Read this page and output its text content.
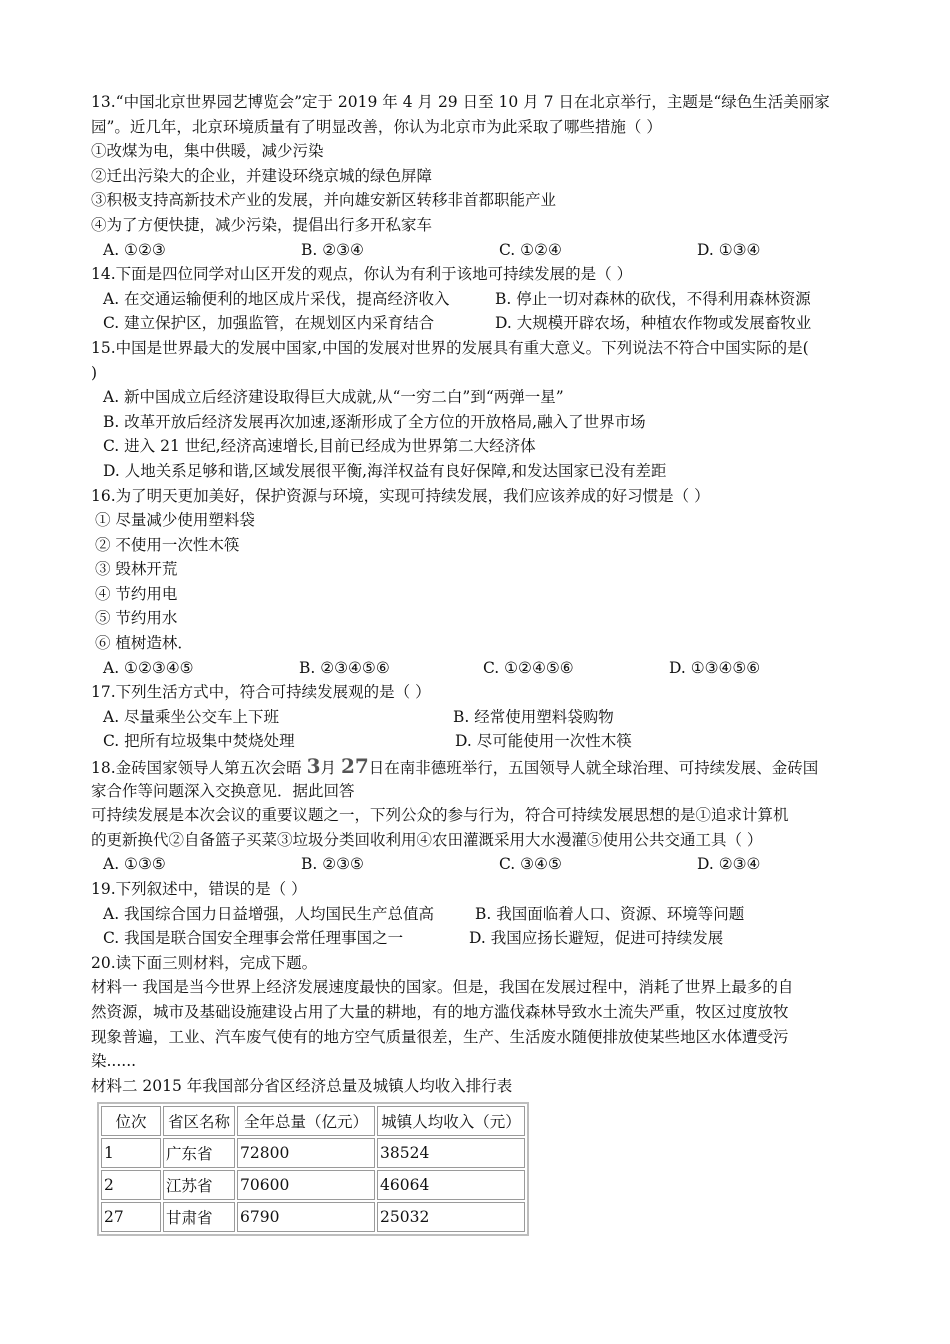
13.“中国北京世界园艺博览会”定于 2019 年 4 月 29 日至 10 月 7 日在北京举行，主题是“绿色生活美丽家
园”。近几年，北京环境质量有了明显改善，你认为北京市为此采取了哪些措施（ ）
①改煤为电，集中供暖，减少污染
②迁出污染大的企业，并建设环绕京城的绿色屏障
③积极支持高新技术产业的发展，并向雄安新区转移非首都职能产业
④为了方便快捷，减少污染，提倡出行多开私家车
A. ①②③	B. ②③④	C. ①②④	D. ①③④
14.下面是四位同学对山区开发的观点，你认为有利于该地可持续发展的是（ ）
A. 在交通运输便利的地区成片采伐，提高经济收入	B. 停止一切对森林的砍伐，不得利用森林资源
C. 建立保护区，加强监管，在规划区内采育结合	D. 大规模开辟农场，种植农作物或发展畜牧业
15.中国是世界最大的发展中国家,中国的发展对世界的发展具有重大意义。下列说法不符合中国实际的是(
)
A. 新中国成立后经济建设取得巨大成就,从“一穷二白”到“两弹一星”
B. 改革开放后经济发展再次加速,逐渐形成了全方位的开放格局,融入了世界市场
C. 进入 21 世纪,经济高速增长,目前已经成为世界第二大经济体
D. 人地关系足够和谐,区域发展很平衡,海洋权益有良好保障,和发达国家已没有差距
16.为了明天更加美好，保护资源与环境，实现可持续发展，我们应该养成的好习惯是（ ）
① 尽量减少使用塑料袋
② 不使用一次性木筷
③ 毁林开荒
④ 节约用电
⑤ 节约用水
⑥ 植树造林．
A. ①②③④⑤	B. ②③④⑤⑥	C. ①②④⑤⑥	D. ①③④⑤⑥
17.下列生活方式中，符合可持续发展观的是（ ）
A. 尽量乘坐公交车上下班	B. 经常使用塑料袋购物
C. 把所有垃圾集中焚烧处理	D. 尽可能使用一次性木筷
18.金砖国家领导人第五次会晤 3月 27日在南非德班举行，五国领导人就全球治理、可持续发展、金砖国
家合作等问题深入交换意见．据此回答
可持续发展是本次会议的重要议题之一，下列公众的参与行为，符合可持续发展思想的是①追求计算机
的更新换代②自备篮子买菜③垃圾分类回收利用④农田灌溉采用大水漫灌⑤使用公共交通工具（ ）
A. ①③⑤	B. ②③⑤	C. ③④⑤	D. ②③④
19.下列叙述中，错误的是（ ）
A. 我国综合国力日益增强，人均国民生产总值高	B. 我国面临着人口、资源、环境等问题
C. 我国是联合国安全理事会常任理事国之一	D. 我国应扬长避短，促进可持续发展
20.读下面三则材料，完成下题。
材料一 我国是当今世界上经济发展速度最快的国家。但是，我国在发展过程中，消耗了世界上最多的自
然资源，城市及基础设施建设占用了大量的耕地，有的地方滥伐森林导致水土流失严重，牧区过度放牧
现象普遍，工业、汽车废气使有的地方空气质量很差，生产、生活废水随便排放使某些地区水体遭受污
染......
材料二 2015 年我国部分省区经济总量及城镇人均收入排行表
位次	省区名称	全年总量（亿元）	城镇人均收入（元）
1	广东省	72800	38524
2	江苏省	70600	46064
27	甘肃省	6790	25032
